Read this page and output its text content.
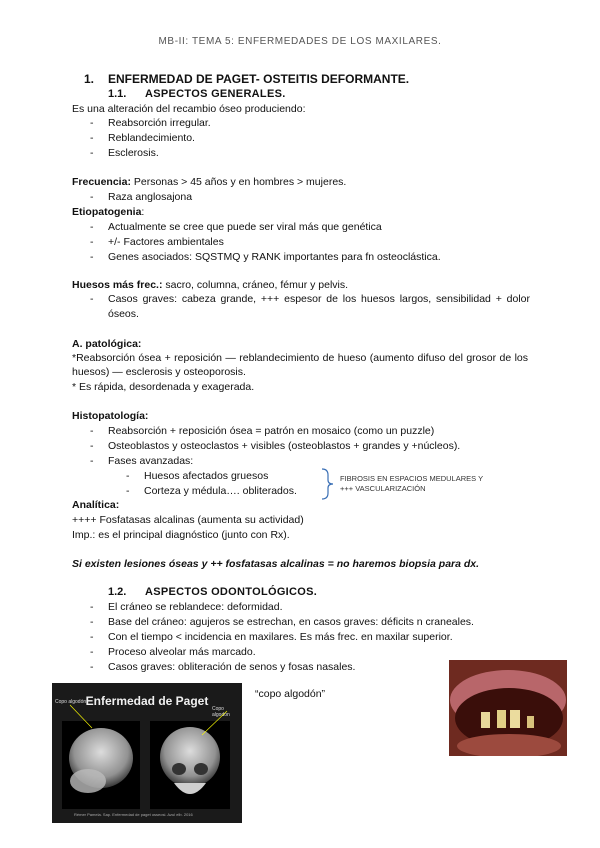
MB-II: TEMA 5: ENFERMEDADES DE LOS MAXILARES.
1. ENFERMEDAD DE PAGET- OSTEITIS DEFORMANTE.
1.1. ASPECTOS GENERALES.
Es una alteración del recambio óseo produciendo:
- Reabsorción irregular.
- Reblandecimiento.
- Esclerosis.
Frecuencia: Personas > 45 años y en hombres > mujeres.
- Raza anglosajona
Etiopatogenia:
- Actualmente se cree que puede ser viral más que genética
- +/- Factores ambientales
- Genes asociados: SQSTMQ y RANK importantes para fn osteoclástica.
Huesos más frec.: sacro, columna, cráneo, fémur y pelvis.
- Casos graves: cabeza grande, +++ espesor de los huesos largos, sensibilidad + dolor óseos.
A. patológica:
*Reabsorción ósea + reposición — reblandecimiento de hueso (aumento difuso del grosor de los huesos) — esclerosis y osteoporosis.
* Es rápida, desordenada y exagerada.
Histopatología:
- Reabsorción + reposición ósea = patrón en mosaico (como un puzzle)
- Osteoblastos y osteoclastos + visibles (osteoblastos + grandes y +núcleos).
- Fases avanzadas:
- Huesos afectados gruesos
- Corteza y médula…. obliterados.
FIBROSIS EN ESPACIOS MEDULARES Y
+++ VASCULARIZACIÓN
Analítica:
++++ Fosfatasas alcalinas (aumenta su actividad)
Imp.: es el principal diagnóstico (junto con Rx).
Si existen lesiones óseas y ++ fosfatasas alcalinas = no haremos biopsia para dx.
1.2. ASPECTOS ODONTOLÓGICOS.
- El cráneo se reblandece: deformidad.
- Base del cráneo: agujeros se estrechan, en casos graves: déficits n craneales.
- Con el tiempo < incidencia en maxilares. Es más frec. en maxilar superior.
- Proceso alveolar más marcado.
- Casos graves: obliteración de senos y fosas nasales.
Enfermedad de Paget
Copo algodón
Copo algodón
Rémer Pamela. Sap. Enfermedad de paget osseosi. Azul elb. 2016
“copo algodón”
